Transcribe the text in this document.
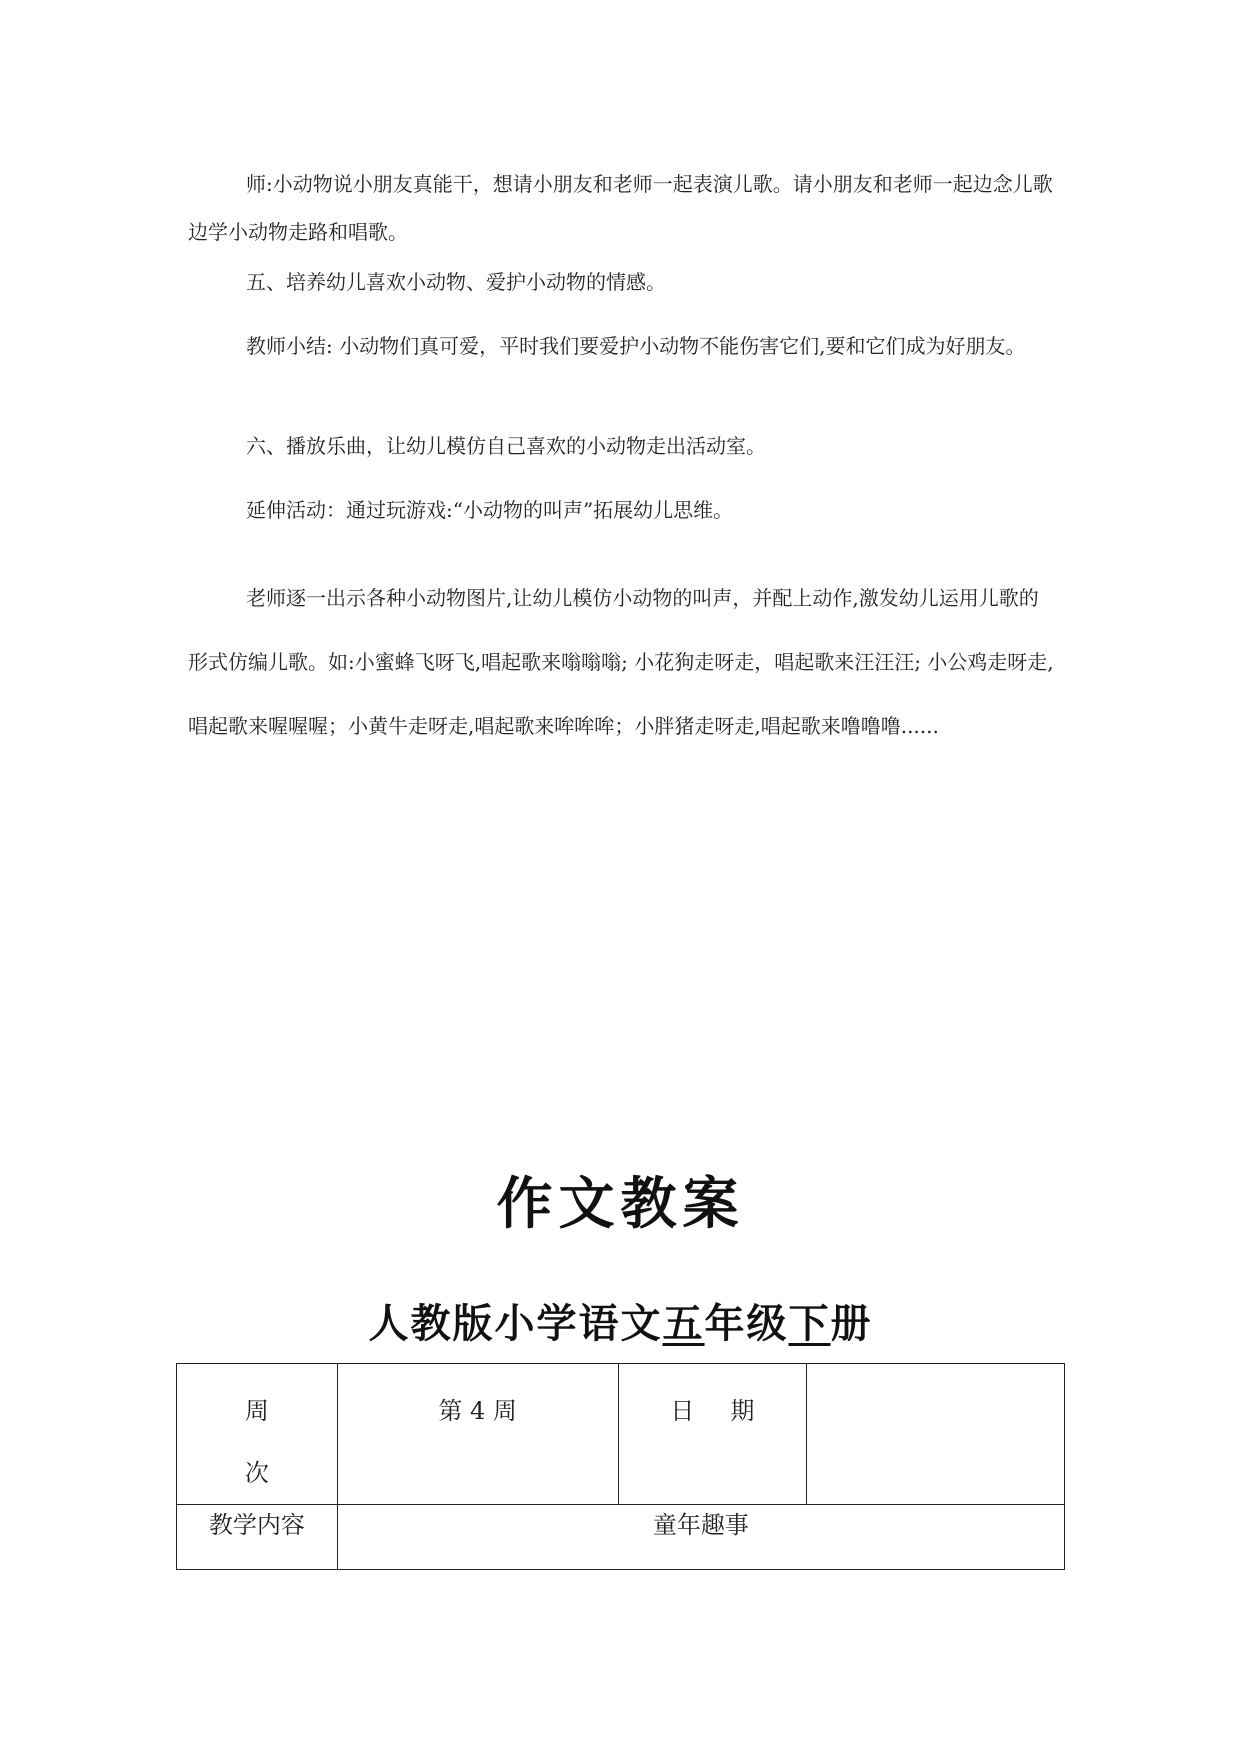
师:小动物说小朋友真能干，想请小朋友和老师一起表演儿歌。请小朋友和老师一起边念儿歌边学小动物走路和唱歌。

五、培养幼儿喜欢小动物、爱护小动物的情感。

教师小结: 小动物们真可爱，平时我们要爱护小动物不能伤害它们,要和它们成为好朋友。

六、播放乐曲，让幼儿模仿自己喜欢的小动物走出活动室。

延伸活动：通过玩游戏:“小动物的叫声”拓展幼儿思维。

老师逐一出示各种小动物图片,让幼儿模仿小动物的叫声，并配上动作,激发幼儿运用儿歌的形式仿编儿歌。如:小蜜蜂飞呀飞,唱起歌来嗡嗡嗡; 小花狗走呀走，唱起歌来汪汪汪; 小公鸡走呀走,唱起歌来喔喔喔；小黄牛走呀走,唱起歌来哞哞哞；小胖猪走呀走,唱起歌来噜噜噜......

作文教案
人教版小学语文五年级下册
周
次	第 4 周	日期	

教学内容	童年趣事		
